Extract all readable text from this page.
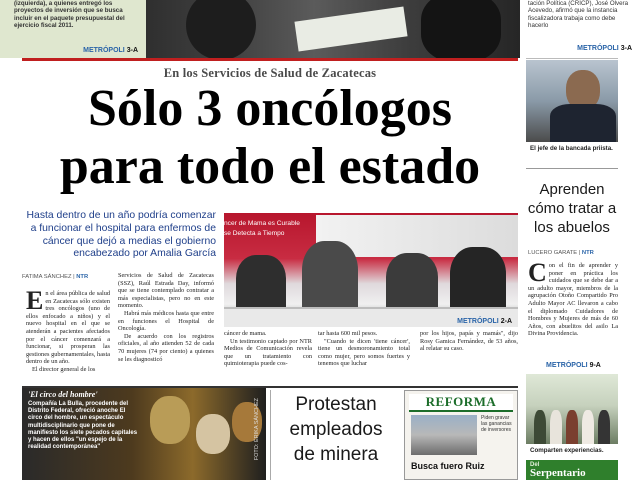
(izquierda), a quienes entregó los proyectos de inversión que se busca incluir en el paquete presupuestal del ejercicio fiscal 2011.

METRÓPOLI 3-A

tación Política (CRICP), José Olvera Acevedo, afirmó que la instancia fiscalizadora trabaja como debe hacerlo

METRÓPOLI 3-A
En los Servicios de Salud de Zacatecas
Sólo 3 oncólogos
para todo el estado
Hasta dentro de un año podría comenzar a funcionar el hospital para enfermos de cáncer que dejó a medias el gobierno encabezado por Amalia García
ncer de Mama es Curable
se Detecta a Tiempo
METRÓPOLI 2-A
FATIMA SÁNCHEZ | NTR
En el área pública de salud en Zacatecas sólo existen tres oncólogos (uno de ellos enfocado a niños) y el nuevo hospital en el que se atenderán a pacientes afectados por el cáncer comenzará a funcionar, si prosperan las gestiones gubernamentales, hasta dentro de un año.

El director general de los

Servicios de Salud de Zacatecas (SSZ), Raúl Estrada Day, informó que se tiene contemplado contratar a más especialistas, pero no en este momento.

Habrá más médicos hasta que entre en funciones el Hospital de Oncología.

De acuerdo con los registros oficiales, al año atienden 52 de cada 70 mujeres (74 por ciento) a quienes se les diagnosticó

cáncer de mama.

Un testimonio captado por NTR Medios de Comunicación revela que un tratamiento con quimioterapia puede cos-

tar hasta 600 mil pesos.

"Cuando te dicen 'tiene cáncer', tiene un desmoronamiento total como mujer, pero somos fuertes y tenemos que luchar

por los hijos, papás y mamás", dijo Rosy Gamica Fernández, de 53 años, al relatar su caso.

'El circo del hombre'
Compañía La Bulla, procedente del Distrito Federal, ofreció anoche El circo del hombre, un espectáculo multidisciplinario que pone de manifiesto los siete pecados capitales y hacen de ellos "un espejo de la realidad contemporánea"	FOTO: ÉRIKA SÁNCHEZ	Protestan
empleados
de minera
REFORMA
Piden gravar las ganancias de inversores
Busca fuero Ruiz
El jefe de la bancada priista.
Aprenden cómo tratar a los abuelos
LUCERO GARATE | NTR
Con el fin de aprender y poner en práctica los cuidados que se debe dar a un adulto mayor, miembros de la agrupación Otoño Compartido Pro Adulto Mayor AC llevaron a cabo el diplomado Cuidadores de Hombres y Mujeres de más de 60 Años, con abuelitos del asilo La Divina Providencia.
METRÓPOLI 9-A
Comparten experiencias.
Del
Serpentario
